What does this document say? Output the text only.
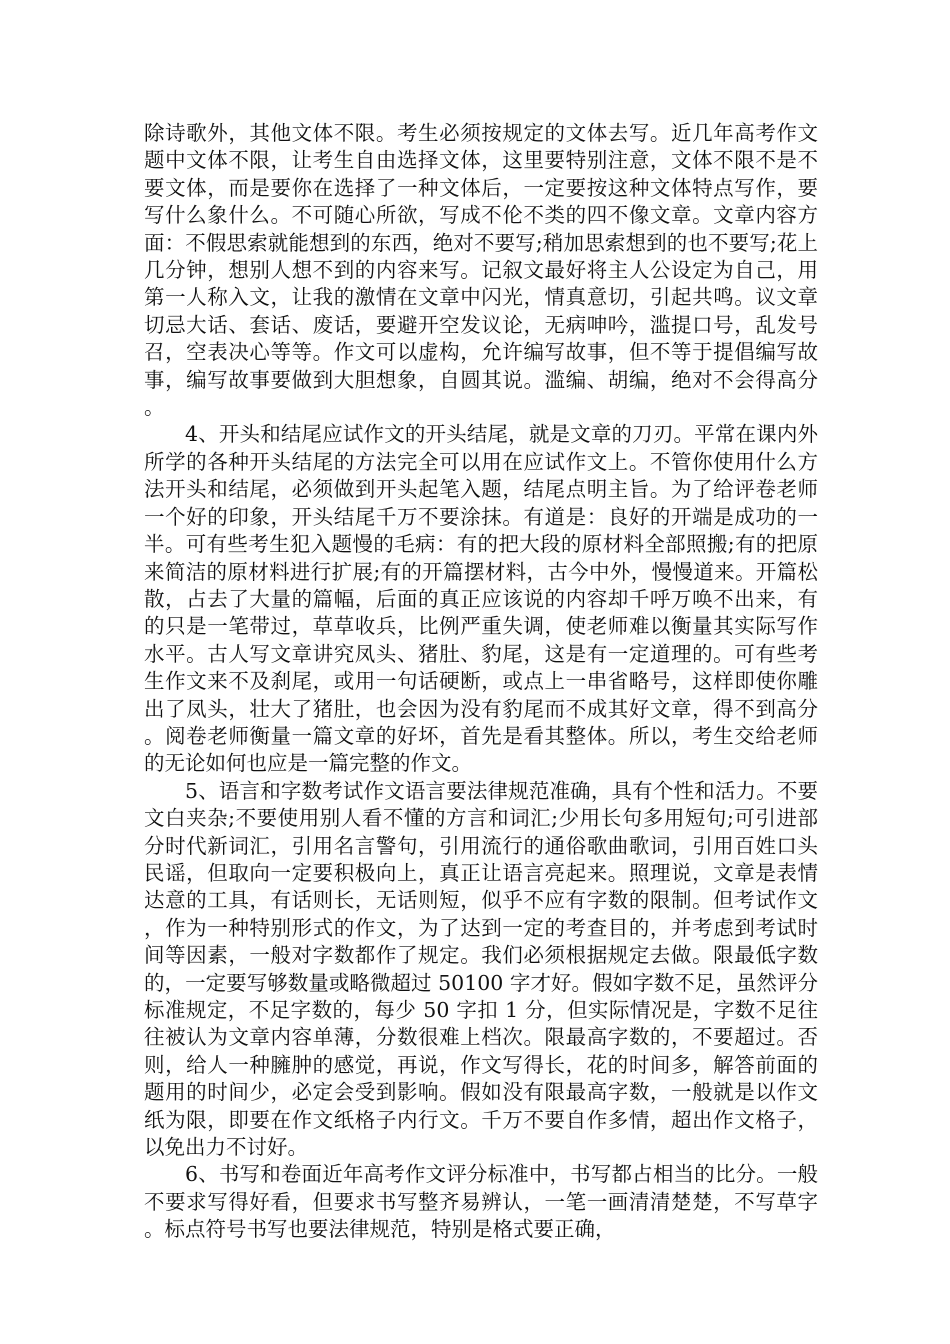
除诗歌外，其他文体不限。考生必须按规定的文体去写。近几年高考作文题中文体不限，让考生自由选择文体，这里要特别注意，文体不限不是不要文体，而是要你在选择了一种文体后，一定要按这种文体特点写作，要写什么象什么。不可随心所欲，写成不伦不类的四不像文章。文章内容方面：不假思索就能想到的东西，绝对不要写;稍加思索想到的也不要写;花上几分钟，想别人想不到的内容来写。记叙文最好将主人公设定为自己，用第一人称入文，让我的激情在文章中闪光，情真意切，引起共鸣。议文章切忌大话、套话、废话，要避开空发议论，无病呻吟，滥提口号，乱发号召，空表决心等等。作文可以虚构，允许编写故事，但不等于提倡编写故事，编写故事要做到大胆想象，自圆其说。滥编、胡编，绝对不会得高分。

4、开头和结尾应试作文的开头结尾，就是文章的刀刃。平常在课内外所学的各种开头结尾的方法完全可以用在应试作文上。不管你使用什么方法开头和结尾，必须做到开头起笔入题，结尾点明主旨。为了给评卷老师一个好的印象，开头结尾千万不要涂抹。有道是：良好的开端是成功的一半。可有些考生犯入题慢的毛病：有的把大段的原材料全部照搬;有的把原来简洁的原材料进行扩展;有的开篇摆材料，古今中外，慢慢道来。开篇松散，占去了大量的篇幅，后面的真正应该说的内容却千呼万唤不出来，有的只是一笔带过，草草收兵，比例严重失调，使老师难以衡量其实际写作水平。古人写文章讲究凤头、猪肚、豹尾，这是有一定道理的。可有些考生作文来不及刹尾，或用一句话硬断，或点上一串省略号，这样即使你雕出了凤头，壮大了猪肚，也会因为没有豹尾而不成其好文章，得不到高分。阅卷老师衡量一篇文章的好坏，首先是看其整体。所以，考生交给老师的无论如何也应是一篇完整的作文。

5、语言和字数考试作文语言要法律规范准确，具有个性和活力。不要文白夹杂;不要使用别人看不懂的方言和词汇;少用长句多用短句;可引进部分时代新词汇，引用名言警句，引用流行的通俗歌曲歌词，引用百姓口头民谣，但取向一定要积极向上，真正让语言亮起来。照理说，文章是表情达意的工具，有话则长，无话则短，似乎不应有字数的限制。但考试作文，作为一种特别形式的作文，为了达到一定的考查目的，并考虑到考试时间等因素，一般对字数都作了规定。我们必须根据规定去做。限最低字数的，一定要写够数量或略微超过 50100 字才好。假如字数不足，虽然评分标准规定，不足字数的，每少 50 字扣 1 分，但实际情况是，字数不足往往被认为文章内容单薄，分数很难上档次。限最高字数的，不要超过。否则，给人一种臃肿的感觉，再说，作文写得长，花的时间多，解答前面的题用的时间少，必定会受到影响。假如没有限最高字数，一般就是以作文纸为限，即要在作文纸格子内行文。千万不要自作多情，超出作文格子，以免出力不讨好。

6、书写和卷面近年高考作文评分标准中，书写都占相当的比分。一般不要求写得好看，但要求书写整齐易辨认，一笔一画清清楚楚，不写草字。标点符号书写也要法律规范，特别是格式要正确，
